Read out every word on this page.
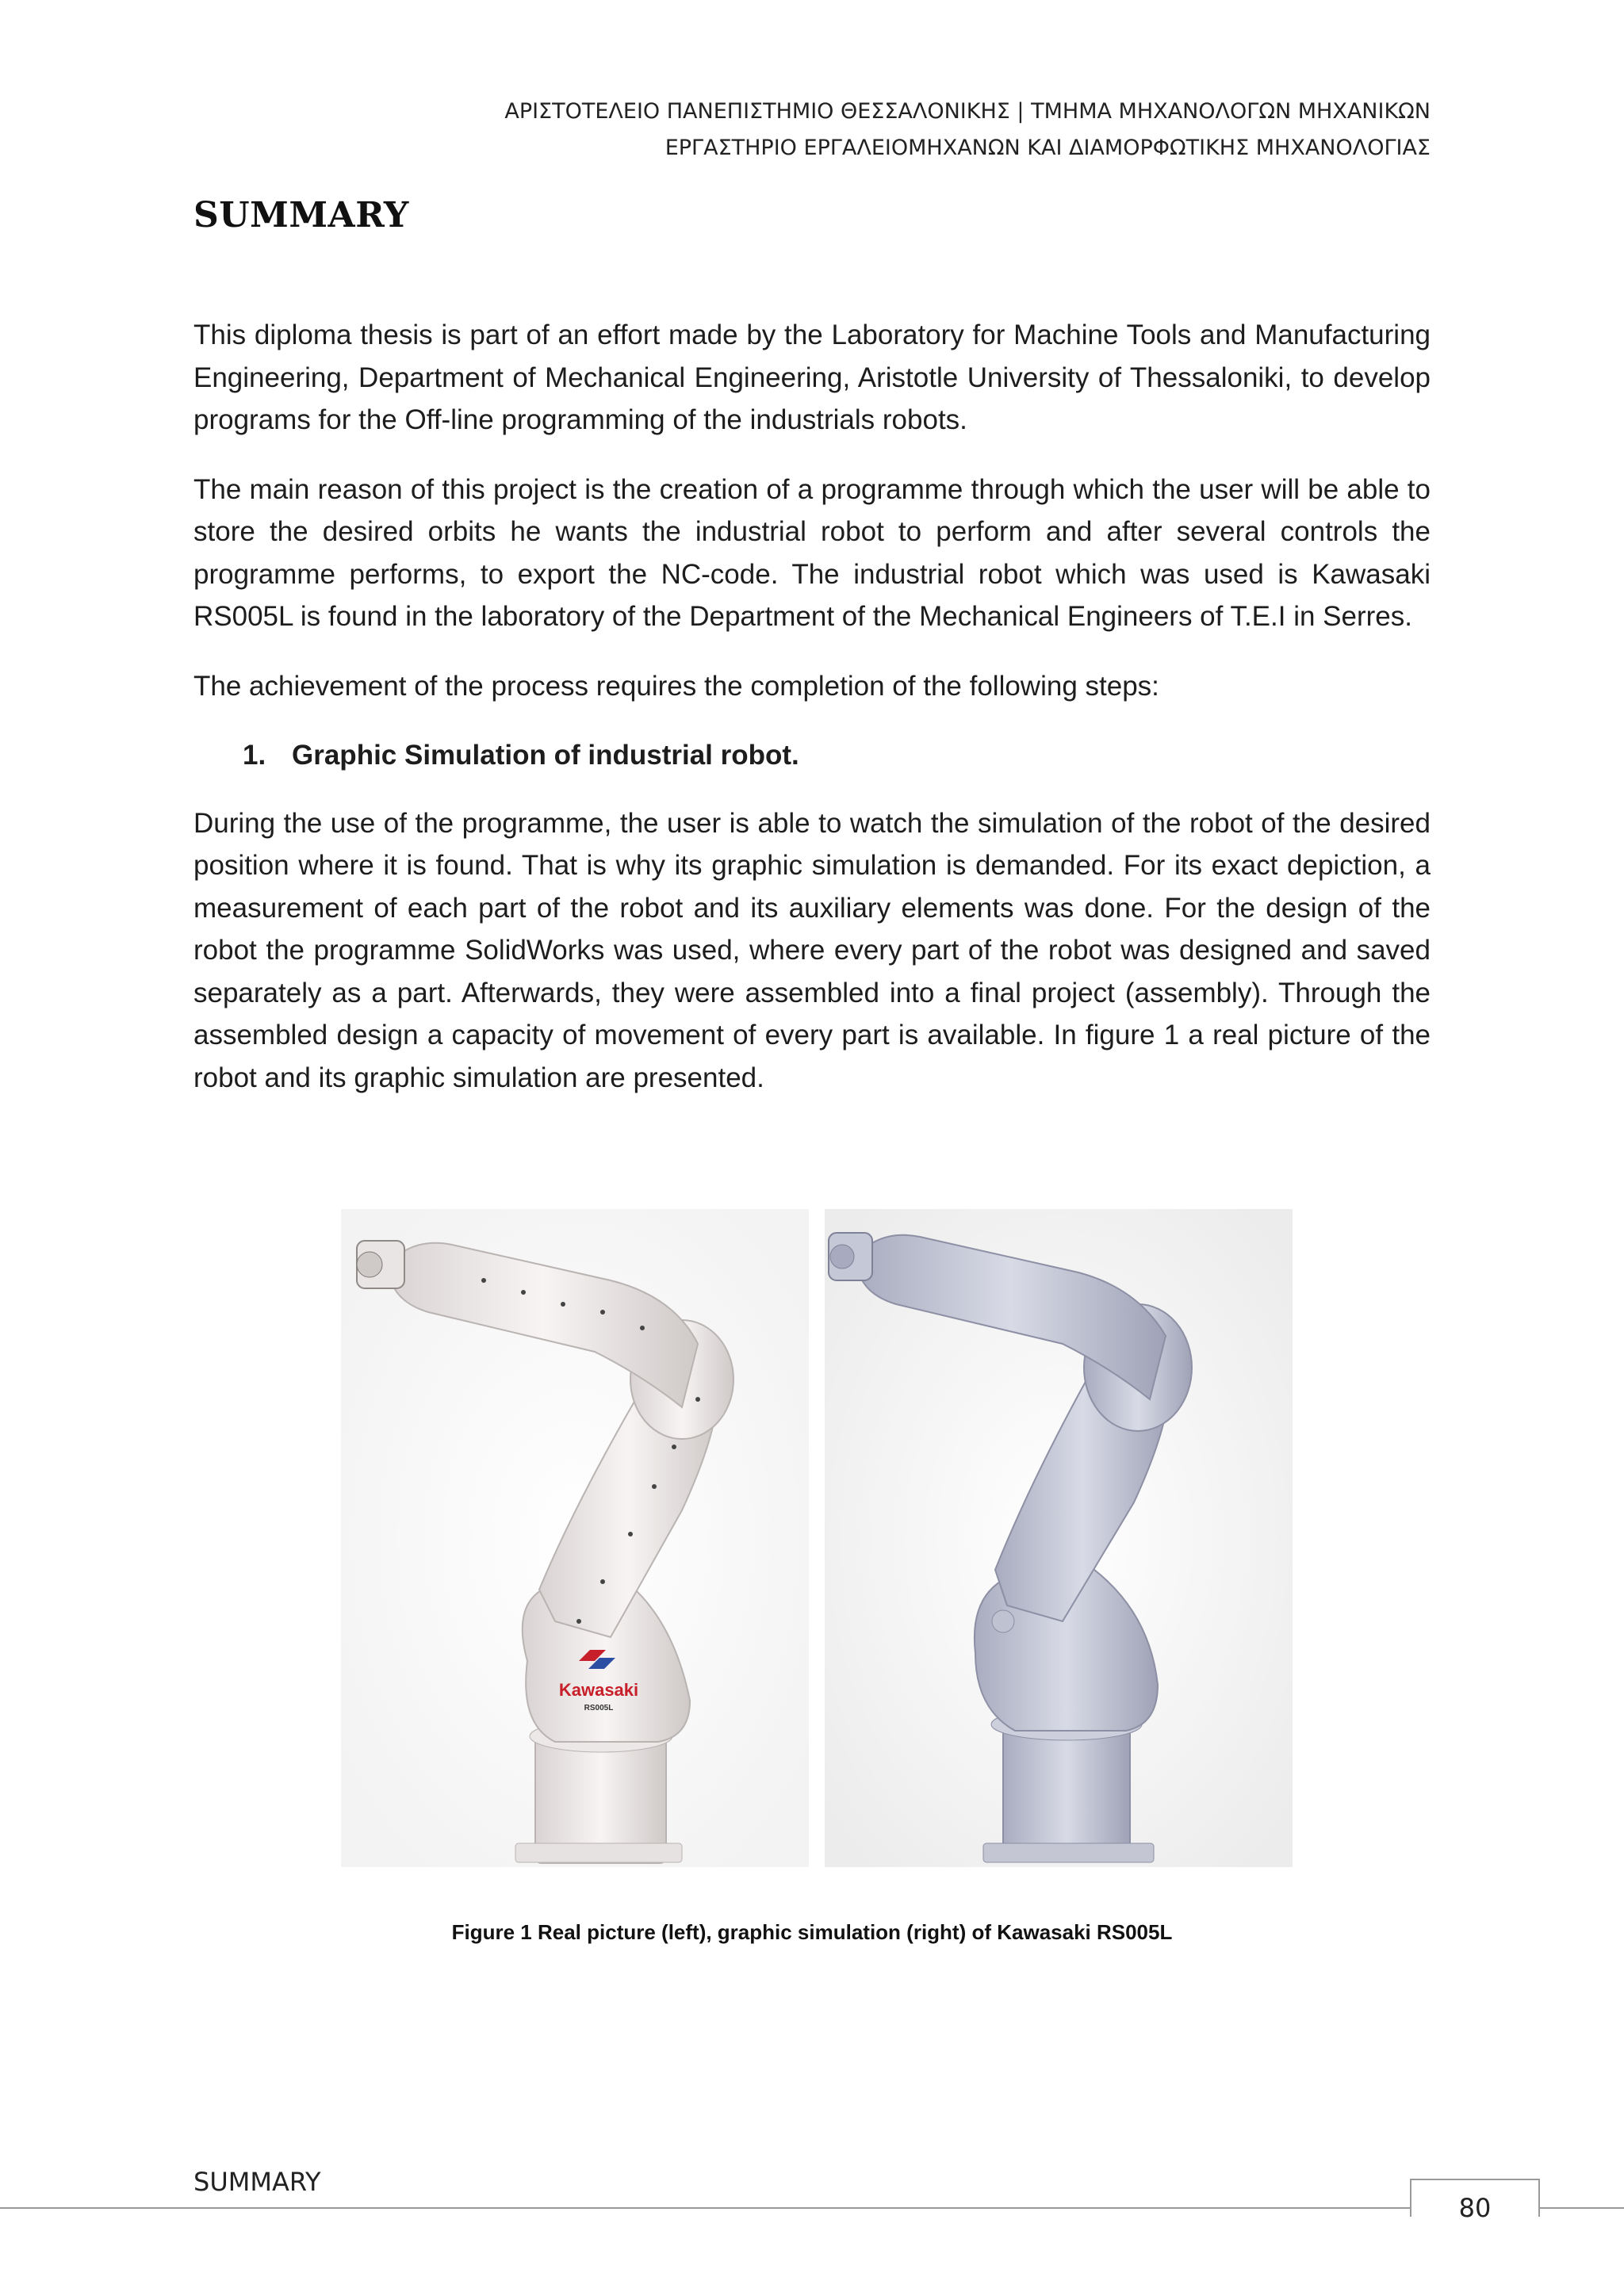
ΑΡΙΣΤΟΤΕΛΕΙΟ ΠΑΝΕΠΙΣΤΗΜΙΟ ΘΕΣΣΑΛΟΝΙΚΗΣ | ΤΜΗΜΑ ΜΗΧΑΝΟΛΟΓΩΝ ΜΗΧΑΝΙΚΩΝ
ΕΡΓΑΣΤΗΡΙΟ ΕΡΓΑΛΕΙΟΜΗΧΑΝΩΝ ΚΑΙ ΔΙΑΜΟΡΦΩΤΙΚΗΣ ΜΗΧΑΝΟΛΟΓΙΑΣ
SUMMARY

This diploma thesis is part of an effort made by the Laboratory for Machine Tools and Manufacturing Engineering, Department of Mechanical Engineering, Aristotle University of Thessaloniki, to develop programs for the Off-line programming of the industrials robots.

The main reason of this project is the creation of a programme through which the user will be able to store the desired orbits he wants the industrial robot to perform and after several controls the programme performs, to export the NC-code. The industrial robot which was used is Kawasaki RS005L is found in the laboratory of the Department of the Mechanical Engineers of T.E.I in Serres.

The achievement of the process requires the completion of the following steps:

1. Graphic Simulation of industrial robot.

During the use of the programme, the user is able to watch the simulation of the robot of the desired position where it is found. That is why its graphic simulation is demanded. For its exact depiction, a measurement of each part of the robot and its auxiliary elements was done. For the design of the robot the programme SolidWorks was used, where every part of the robot was designed and saved separately as a part. Afterwards, they were assembled into a final project (assembly). Through the assembled design a capacity of movement of every part is available. In figure 1 a real picture of the robot and its graphic simulation are presented.

Kawasaki
RS005L
Figure 1 Real picture (left), graphic simulation (right) of Kawasaki RS005L
SUMMARY
80
